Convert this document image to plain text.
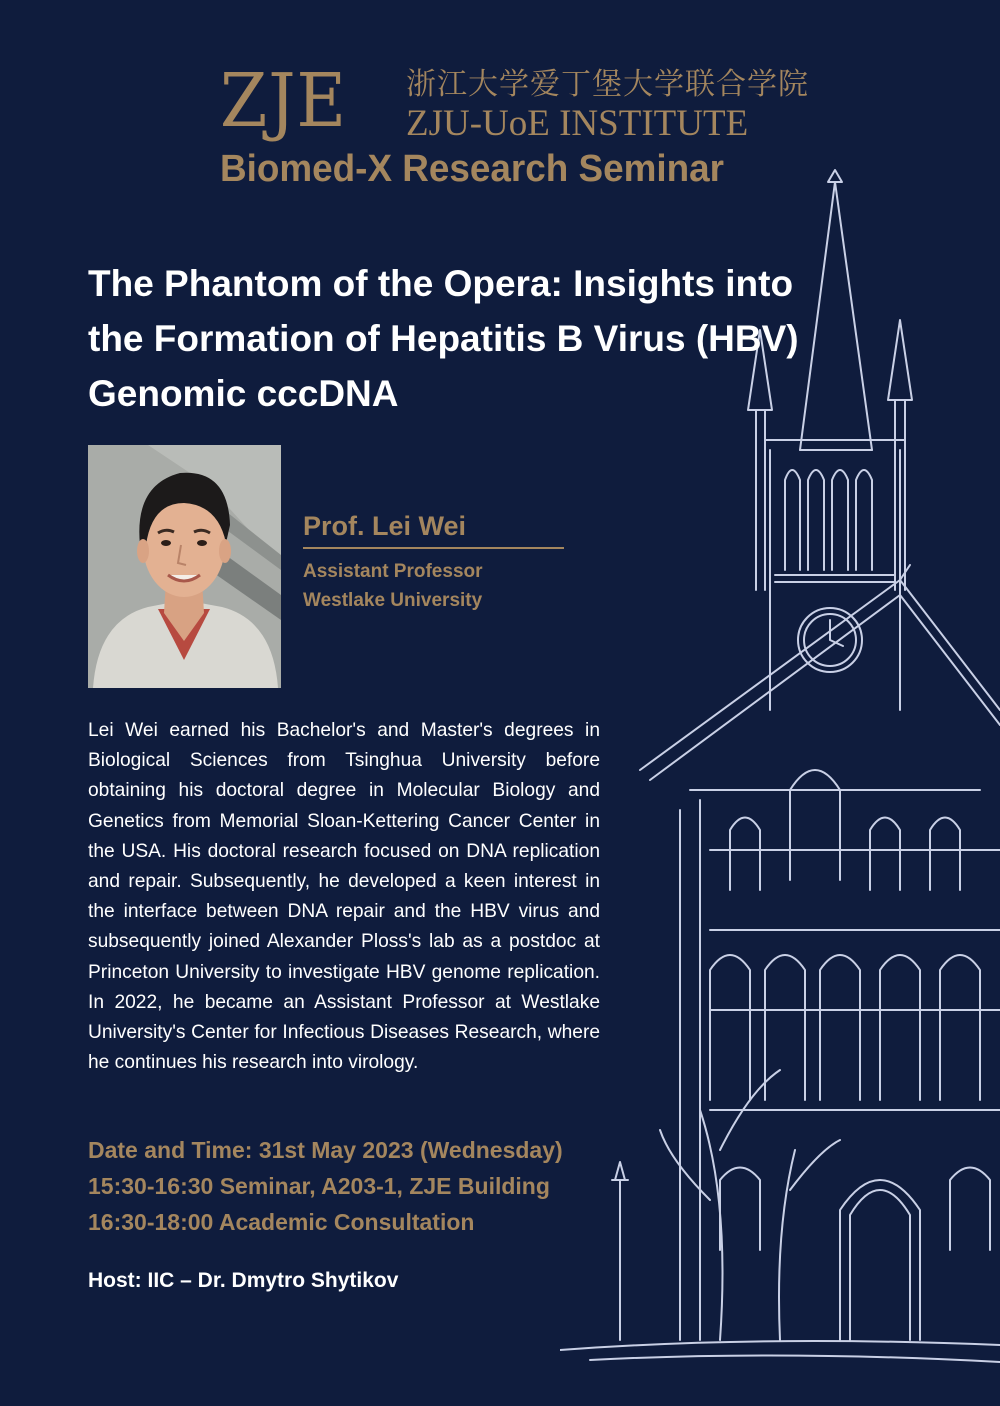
ZJE 浙江大学爱丁堡大学联合学院
ZJU-UoE INSTITUTE
Biomed-X Research Seminar
The Phantom of the Opera: Insights into the Formation of Hepatitis B Virus (HBV) Genomic cccDNA
Prof. Lei Wei
Assistant Professor
Westlake University
Lei Wei earned his Bachelor's and Master's degrees in Biological Sciences from Tsinghua University before obtaining his doctoral degree in Molecular Biology and Genetics from Memorial Sloan-Kettering Cancer Center in the USA. His doctoral research focused on DNA replication and repair. Subsequently, he developed a keen interest in the interface between DNA repair and the HBV virus and subsequently joined Alexander Ploss's lab as a postdoc at Princeton University to investigate HBV genome replication. In 2022, he became an Assistant Professor at Westlake University's Center for Infectious Diseases Research, where he continues his research into virology.
Date and Time: 31st May 2023 (Wednesday)
15:30-16:30 Seminar, A203-1, ZJE Building
16:30-18:00 Academic Consultation
Host: IIC – Dr. Dmytro Shytikov
